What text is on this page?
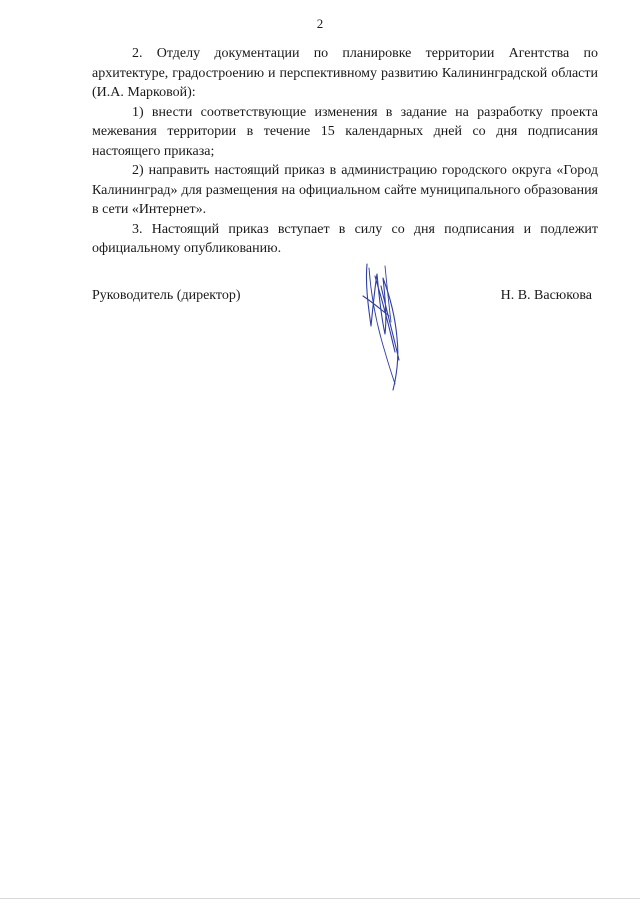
2

2. Отделу документации по планировке территории Агентства по архитектуре, градостроению и перспективному развитию Калининградской области (И.А. Марковой):

1) внести соответствующие изменения в задание на разработку проекта межевания территории в течение 15 календарных дней со дня подписания настоящего приказа;

2) направить настоящий приказ в администрацию городского округа «Город Калининград» для размещения на официальном сайте муниципального образования в сети «Интернет».

3. Настоящий приказ вступает в силу со дня подписания и подлежит официальному опубликованию.

Руководитель (директор)	Н. В. Васюкова
